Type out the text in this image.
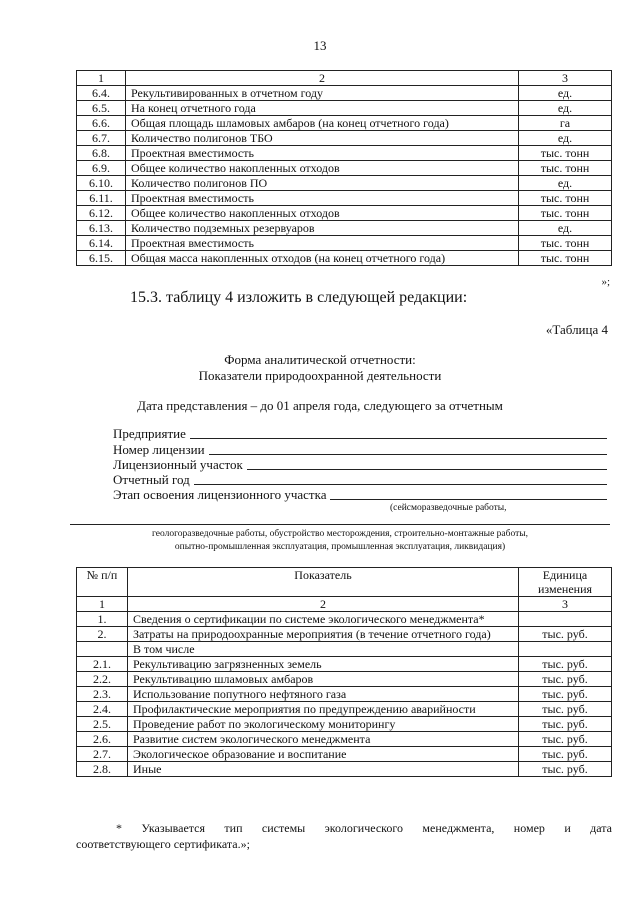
13
1	2	3
6.4.	Рекультивированных в отчетном году	ед.
6.5.	На конец отчетного года	ед.
6.6.	Общая площадь шламовых амбаров (на конец отчетного года)	га
6.7.	Количество полигонов ТБО	ед.
6.8.	Проектная вместимость	тыс. тонн
6.9.	Общее количество накопленных отходов	тыс. тонн
6.10.	Количество полигонов ПО	ед.
6.11.	Проектная вместимость	тыс. тонн
6.12.	Общее количество накопленных отходов	тыс. тонн
6.13.	Количество подземных резервуаров	ед.
6.14.	Проектная вместимость	тыс. тонн
6.15.	Общая масса накопленных отходов (на конец отчетного года)	тыс. тонн
»;
15.3. таблицу 4 изложить в следующей редакции:
«Таблица 4
Форма аналитической отчетности:
Показатели природоохранной деятельности
Дата представления – до 01 апреля года, следующего за отчетным
Предприятие
Номер лицензии
Лицензионный участок
Отчетный год
Этап освоения лицензионного участка
(сейсморазведочные работы,
геологоразведочные работы, обустройство месторождения, строительно-монтажные работы,
опытно-промышленная эксплуатация, промышленная эксплуатация, ликвидация)
№ п/п	Показатель	Единица изменения
1	2	3
1.	Сведения о сертификации по системе экологического менеджмента*	
2.	Затраты на природоохранные мероприятия (в течение отчетного года)	тыс. руб.
	В том числе	
2.1.	Рекультивацию загрязненных земель	тыс. руб.
2.2.	Рекультивацию шламовых амбаров	тыс. руб.
2.3.	Использование попутного нефтяного газа	тыс. руб.
2.4.	Профилактические мероприятия по предупреждению аварийности	тыс. руб.
2.5.	Проведение работ по экологическому мониторингу	тыс. руб.
2.6.	Развитие систем экологического менеджмента	тыс. руб.
2.7.	Экологическое образование и воспитание	тыс. руб.
2.8.	Иные	тыс. руб.
* Указывается тип системы экологического менеджмента, номер и дата
соответствующего сертификата.»;
